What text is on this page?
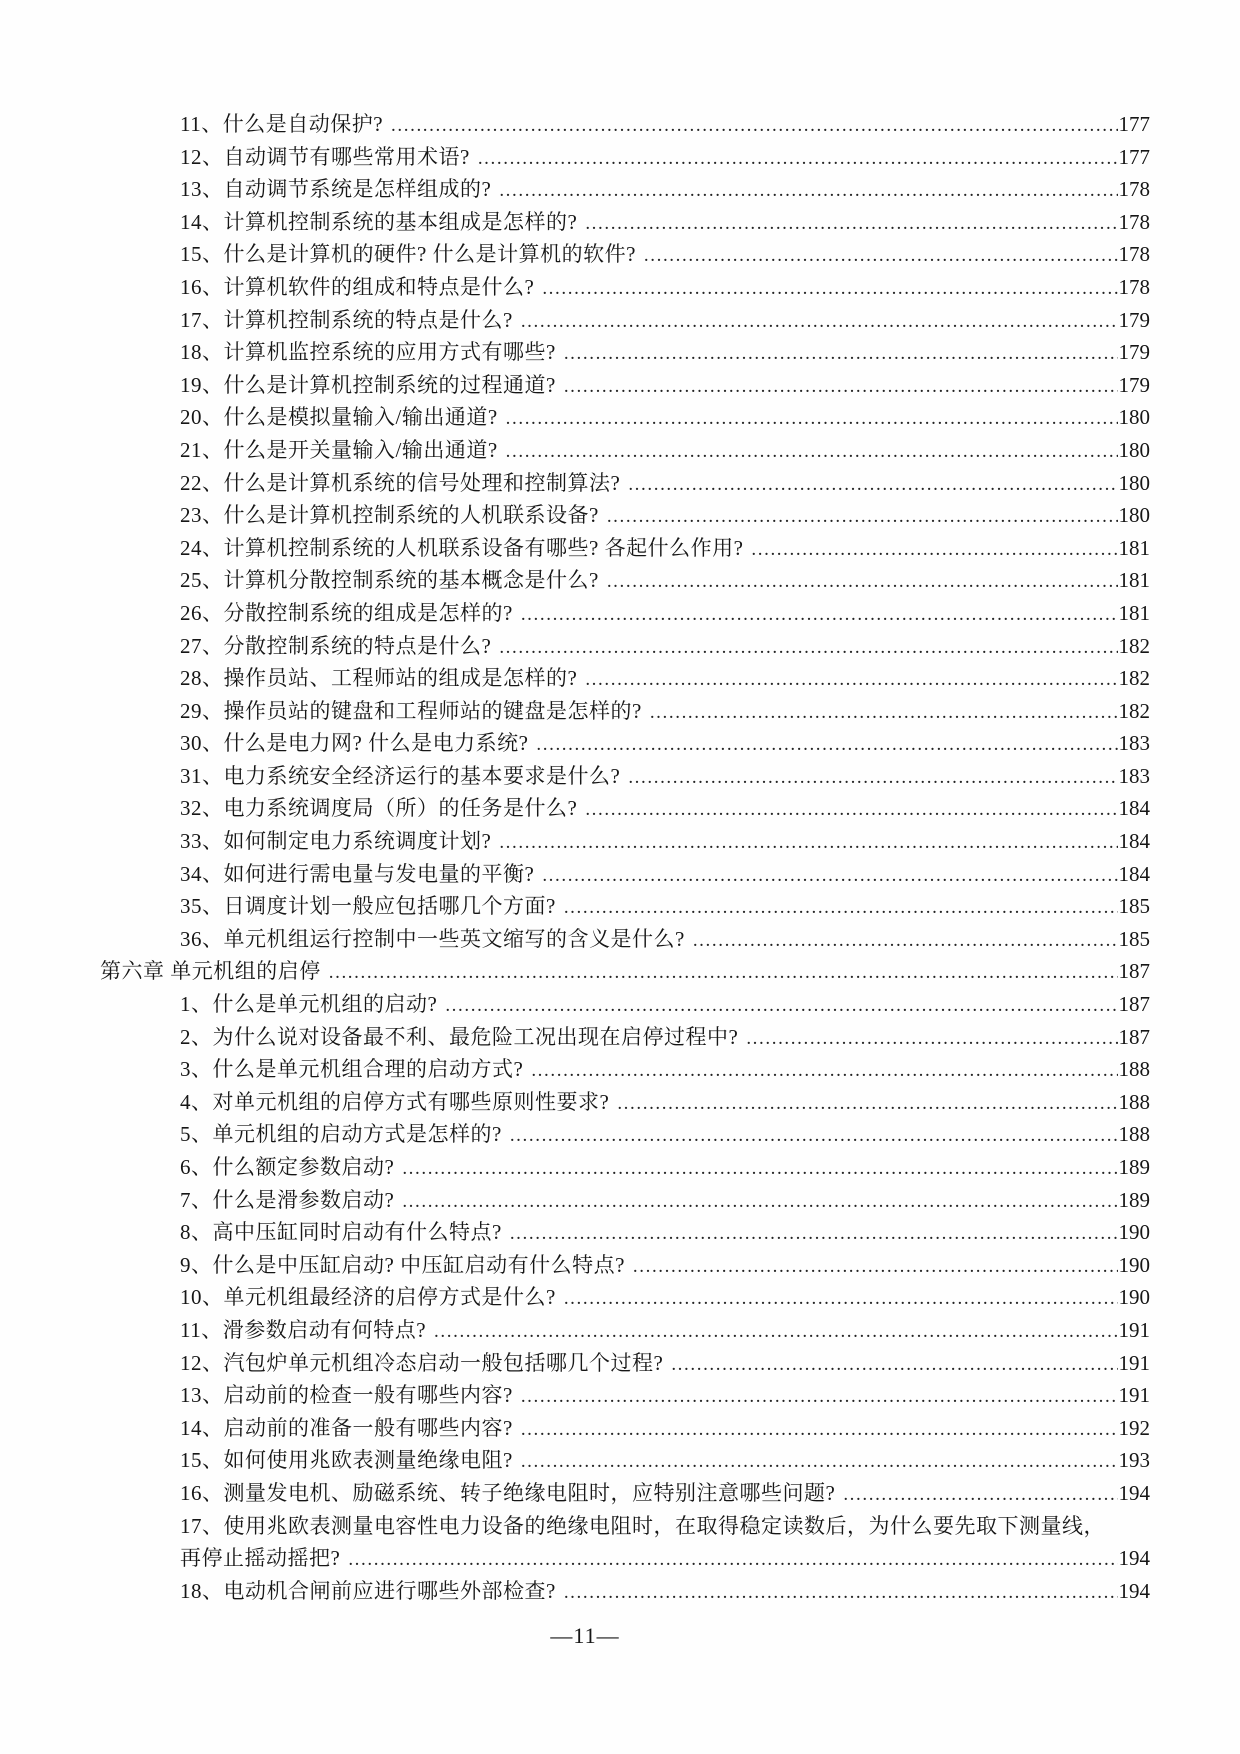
11、什么是自动保护? .....	177
12、自动调节有哪些常用术语? .....	177
13、自动调节系统是怎样组成的? .....	178
14、计算机控制系统的基本组成是怎样的? .....	178
15、什么是计算机的硬件? 什么是计算机的软件? .....	178
16、计算机软件的组成和特点是什么? .....	178
17、计算机控制系统的特点是什么? .....	179
18、计算机监控系统的应用方式有哪些? .....	179
19、什么是计算机控制系统的过程通道? .....	179
20、什么是模拟量输入/输出通道? .....	180
21、什么是开关量输入/输出通道? .....	180
22、什么是计算机系统的信号处理和控制算法? .....	180
23、什么是计算机控制系统的人机联系设备? .....	180
24、计算机控制系统的人机联系设备有哪些? 各起什么作用? .....	181
25、计算机分散控制系统的基本概念是什么? .....	181
26、分散控制系统的组成是怎样的? .....	181
27、分散控制系统的特点是什么? .....	182
28、操作员站、工程师站的组成是怎样的? .....	182
29、操作员站的键盘和工程师站的键盘是怎样的? .....	182
30、什么是电力网? 什么是电力系统? .....	183
31、电力系统安全经济运行的基本要求是什么? .....	183
32、电力系统调度局（所）的任务是什么? .....	184
33、如何制定电力系统调度计划? .....	184
34、如何进行需电量与发电量的平衡? .....	184
35、日调度计划一般应包括哪几个方面? .....	185
36、单元机组运行控制中一些英文缩写的含义是什么? .....	185
第六章 单元机组的启停 .....	187
1、什么是单元机组的启动? .....	187
2、为什么说对设备最不利、最危险工况出现在启停过程中? .....	187
3、什么是单元机组合理的启动方式? .....	188
4、对单元机组的启停方式有哪些原则性要求? .....	188
5、单元机组的启动方式是怎样的? .....	188
6、什么额定参数启动? .....	189
7、什么是滑参数启动? .....	189
8、高中压缸同时启动有什么特点? .....	190
9、什么是中压缸启动? 中压缸启动有什么特点? .....	190
10、单元机组最经济的启停方式是什么? .....	190
11、滑参数启动有何特点? .....	191
12、汽包炉单元机组冷态启动一般包括哪几个过程? .....	191
13、启动前的检查一般有哪些内容? .....	191
14、启动前的准备一般有哪些内容? .....	192
15、如何使用兆欧表测量绝缘电阻? .....	193
16、测量发电机、励磁系统、转子绝缘电阻时，应特别注意哪些问题? .....	194
17、使用兆欧表测量电容性电力设备的绝缘电阻时，在取得稳定读数后，为什么要先取下测量线，
再停止摇动摇把? .....	194
18、电动机合闸前应进行哪些外部检查? .....	194
—11—
